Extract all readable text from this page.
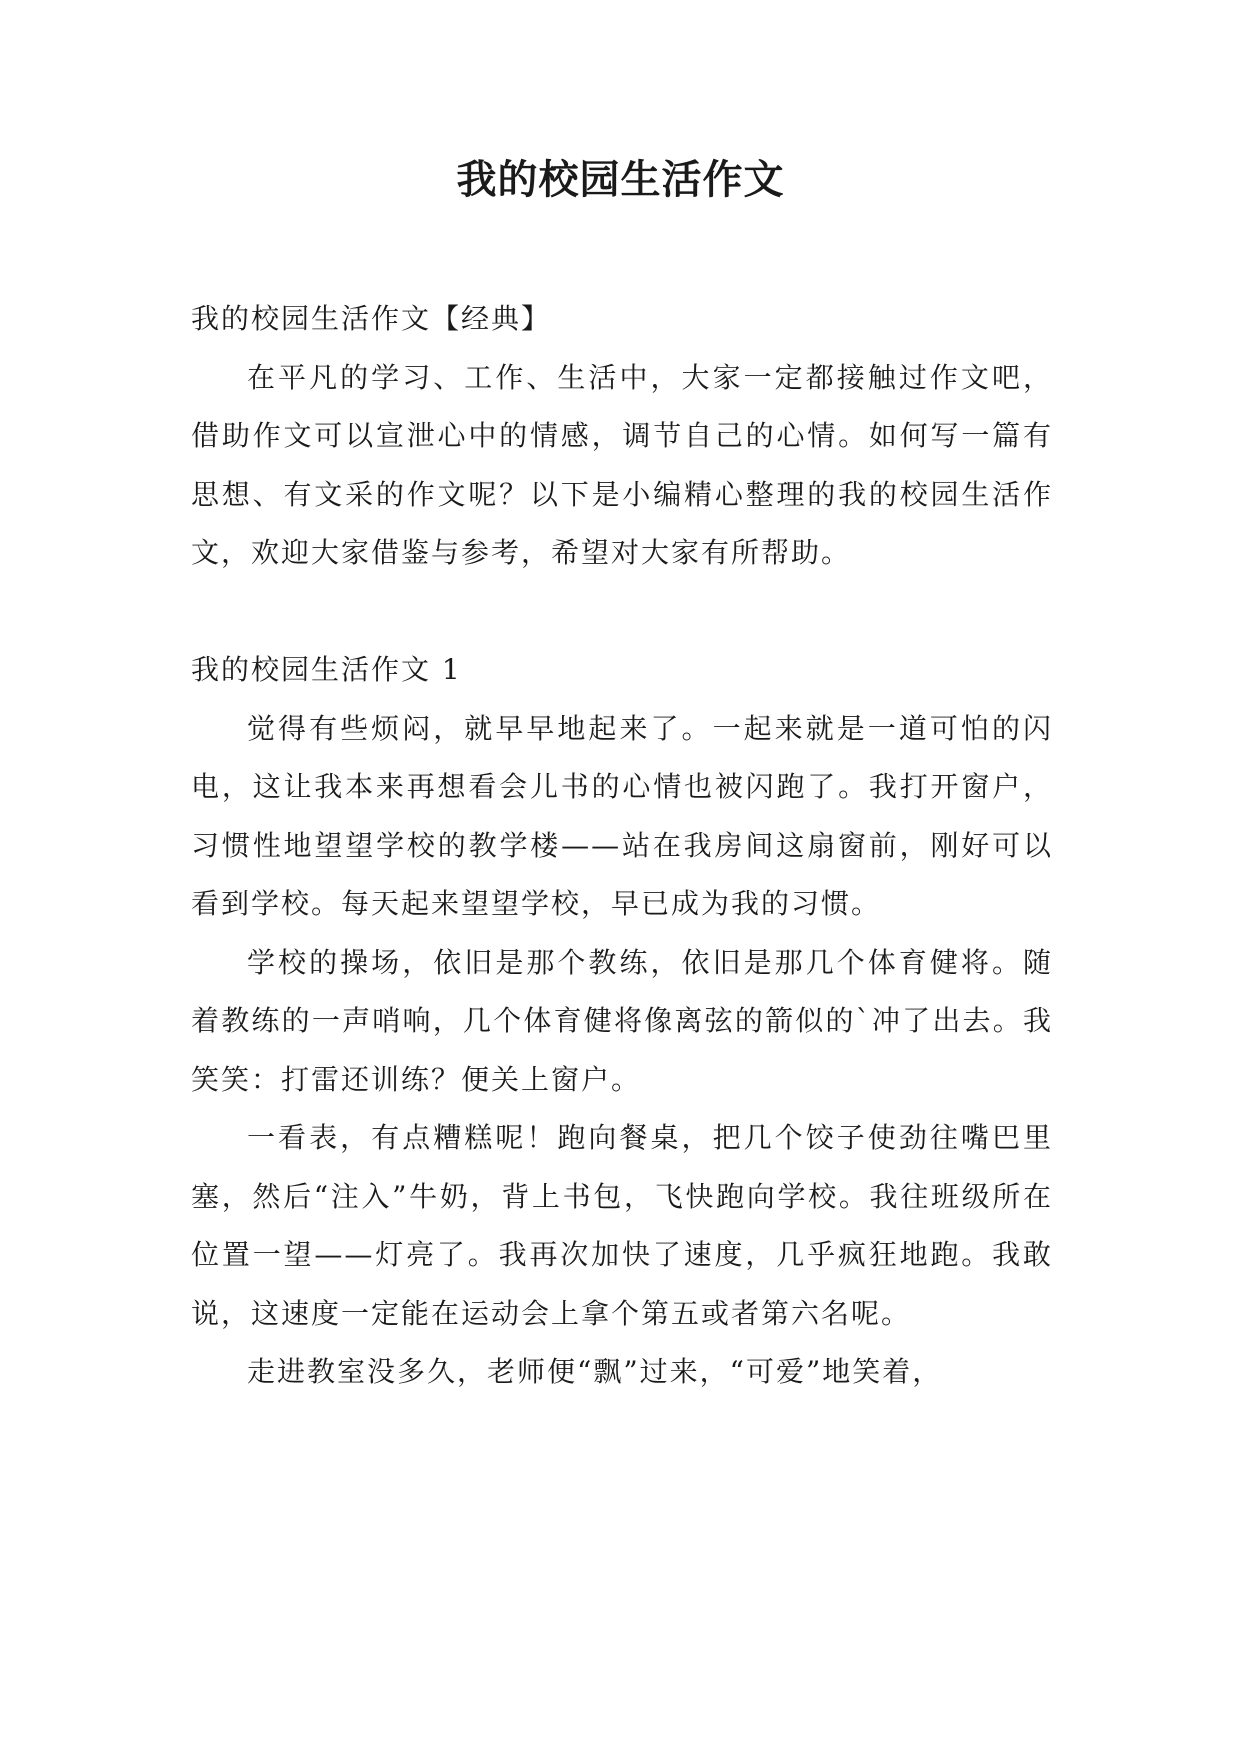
我的校园生活作文

我的校园生活作文【经典】

在平凡的学习、工作、生活中，大家一定都接触过作文吧，借助作文可以宣泄心中的情感，调节自己的心情。如何写一篇有思想、有文采的作文呢？以下是小编精心整理的我的校园生活作文，欢迎大家借鉴与参考，希望对大家有所帮助。

我的校园生活作文 1

觉得有些烦闷，就早早地起来了。一起来就是一道可怕的闪电，这让我本来再想看会儿书的心情也被闪跑了。我打开窗户，习惯性地望望学校的教学楼——站在我房间这扇窗前，刚好可以看到学校。每天起来望望学校，早已成为我的习惯。

学校的操场，依旧是那个教练，依旧是那几个体育健将。随着教练的一声哨响，几个体育健将像离弦的箭似的`冲了出去。我笑笑：打雷还训练？便关上窗户。

一看表，有点糟糕呢！跑向餐桌，把几个饺子使劲往嘴巴里塞，然后“注入”牛奶，背上书包，飞快跑向学校。我往班级所在位置一望——灯亮了。我再次加快了速度，几乎疯狂地跑。我敢说，这速度一定能在运动会上拿个第五或者第六名呢。

走进教室没多久，老师便“飘”过来，“可爱”地笑着，
